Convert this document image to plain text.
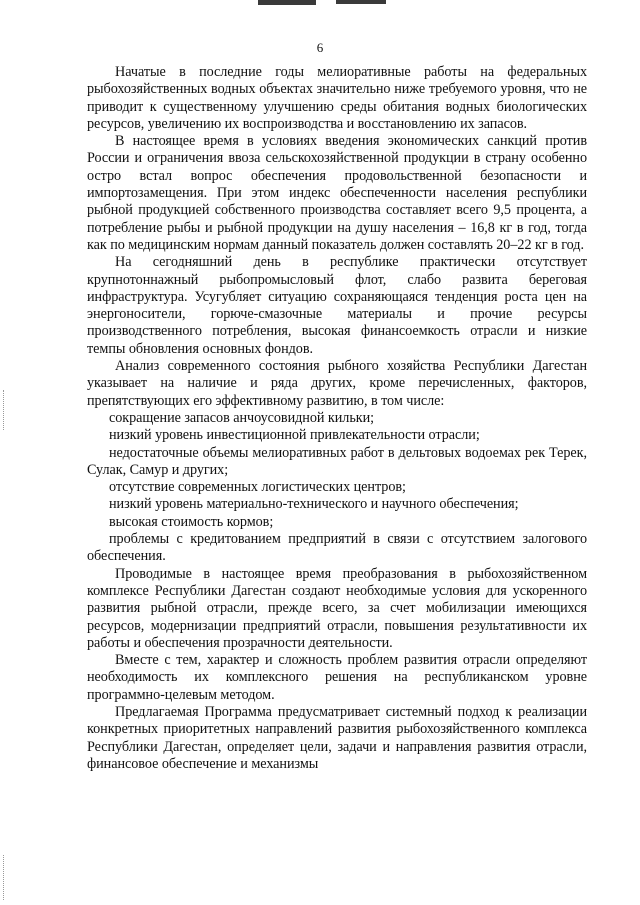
6

Начатые в последние годы мелиоративные работы на федеральных рыбохозяйственных водных объектах значительно ниже требуемого уровня, что не приводит к существенному улучшению среды обитания водных биологических ресурсов, увеличению их воспроизводства и восстановлению их запасов.

В настоящее время в условиях введения экономических санкций против России и ограничения ввоза сельскохозяйственной продукции в страну особенно остро встал вопрос обеспечения продовольственной безопасности и импортозамещения. При этом индекс обеспеченности населения республики рыбной продукцией собственного производства составляет всего 9,5 процента, а потребление рыбы и рыбной продукции на душу населения – 16,8 кг в год, тогда как по медицинским нормам данный показатель должен составлять 20–22 кг в год.

На сегодняшний день в республике практически отсутствует крупнотоннажный рыбопромысловый флот, слабо развита береговая инфраструктура. Усугубляет ситуацию сохраняющаяся тенденция роста цен на энергоносители, горюче-смазочные материалы и прочие ресурсы производственного потребления, высокая финансоемкость отрасли и низкие темпы обновления основных фондов.

Анализ современного состояния рыбного хозяйства Республики Дагестан указывает на наличие и ряда других, кроме перечисленных, факторов, препятствующих его эффективному развитию, в том числе:

сокращение запасов анчоусовидной кильки;

низкий уровень инвестиционной привлекательности отрасли;

недостаточные объемы мелиоративных работ в дельтовых водоемах рек Терек, Сулак, Самур и других;

отсутствие современных логистических центров;

низкий уровень материально-технического и научного обеспечения;

высокая стоимость кормов;

проблемы с кредитованием предприятий в связи с отсутствием залогового обеспечения.

Проводимые в настоящее время преобразования в рыбохозяйственном комплексе Республики Дагестан создают необходимые условия для ускоренного развития рыбной отрасли, прежде всего, за счет мобилизации имеющихся ресурсов, модернизации предприятий отрасли, повышения результативности их работы и обеспечения прозрачности деятельности.

Вместе с тем, характер и сложность проблем развития отрасли определяют необходимость их комплексного решения на республиканском уровне программно-целевым методом.

Предлагаемая Программа предусматривает системный подход к реализации конкретных приоритетных направлений развития рыбохозяйственного комплекса Республики Дагестан, определяет цели, задачи и направления развития отрасли, финансовое обеспечение и механизмы
